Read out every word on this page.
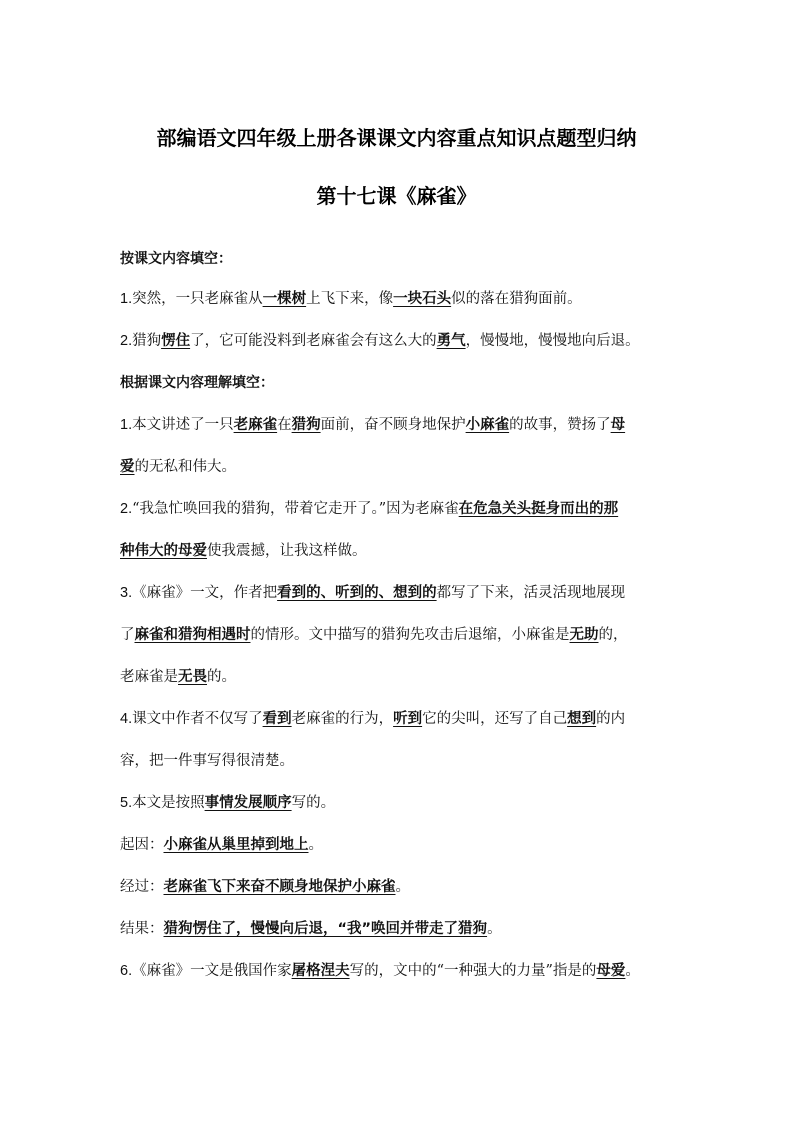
部编语文四年级上册各课课文内容重点知识点题型归纳
第十七课《麻雀》
按课文内容填空：
1.突然，一只老麻雀从一棵树上飞下来，像一块石头似的落在猎狗面前。
2.猎狗愣住了，它可能没料到老麻雀会有这么大的勇气，慢慢地，慢慢地向后退。
根据课文内容理解填空：
1.本文讲述了一只老麻雀在猎狗面前，奋不顾身地保护小麻雀的故事，赞扬了母
爱的无私和伟大。
2.“我急忙唤回我的猎狗，带着它走开了。”因为老麻雀在危急关头挺身而出的那
种伟大的母爱使我震撼，让我这样做。
3.《麻雀》一文，作者把看到的、听到的、想到的都写了下来，活灵活现地展现
了麻雀和猎狗相遇时的情形。文中描写的猎狗先攻击后退缩，小麻雀是无助的，
老麻雀是无畏的。
4.课文中作者不仅写了看到老麻雀的行为，听到它的尖叫，还写了自己想到的内
容，把一件事写得很清楚。
5.本文是按照事情发展顺序写的。
起因：小麻雀从巢里掉到地上。
经过：老麻雀飞下来奋不顾身地保护小麻雀。
结果：猎狗愣住了，慢慢向后退，“我”唤回并带走了猎狗。
6.《麻雀》一文是俄国作家屠格涅夫写的，文中的“一种强大的力量”指是的母爱。
